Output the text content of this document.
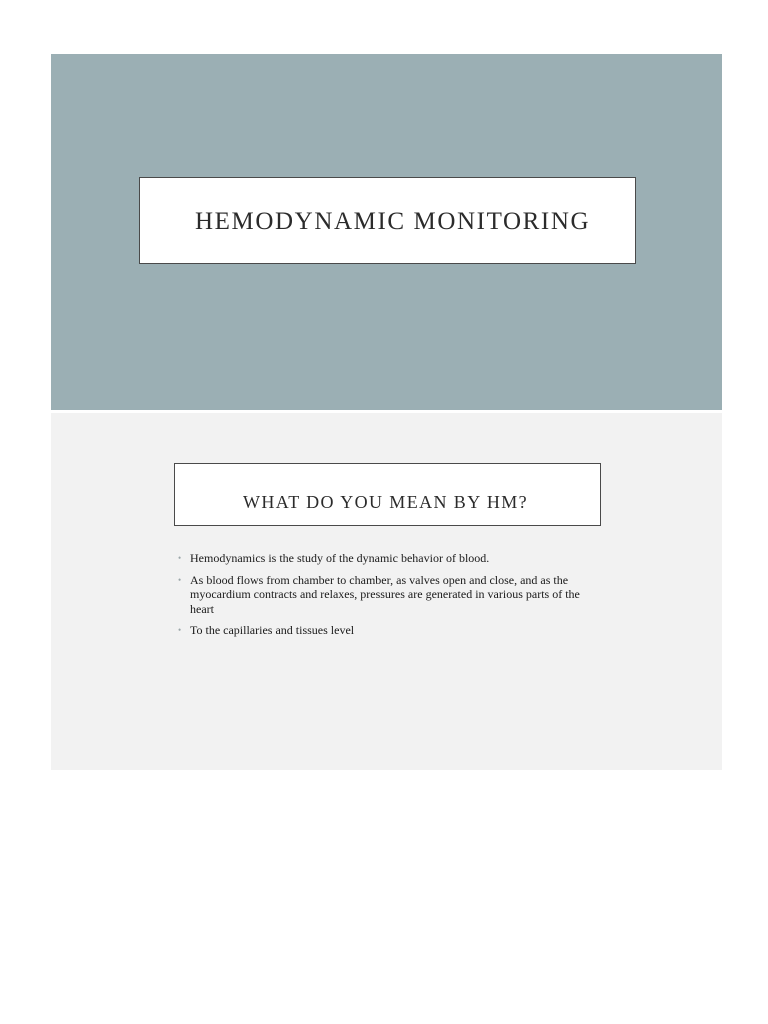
HEMODYNAMIC MONITORING
WHAT DO YOU MEAN BY HM?
• Hemodynamics is the study of the dynamic behavior of blood.
• As blood flows from chamber to chamber, as valves open and close, and as the myocardium contracts and relaxes, pressures are generated in various parts of the heart
• To the capillaries and tissues level
